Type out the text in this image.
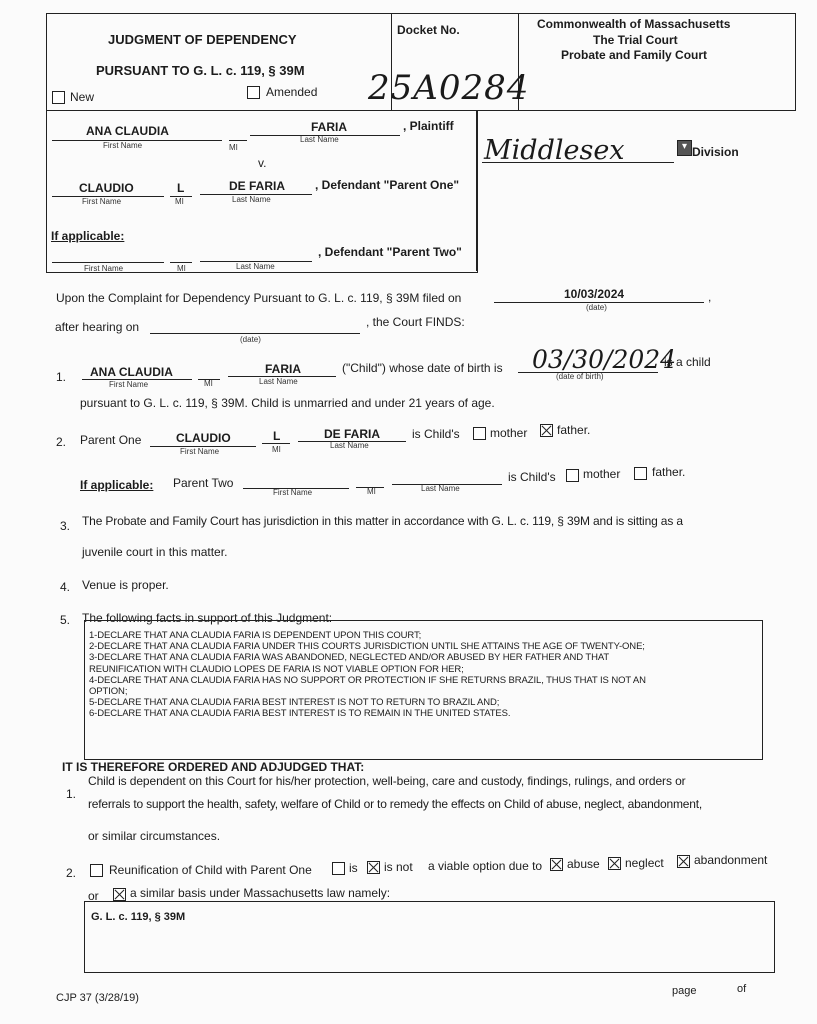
JUDGMENT OF DEPENDENCY
PURSUANT TO G. L. c. 119, § 39M
New	Amended
Docket No.
25A0284
Commonwealth of Massachusetts
The Trial Court
Probate and Family Court
ANA CLAUDIA
First Name	MI
FARIA
Last Name
, Plaintiff
v.
CLAUDIO
First Name
L
MI
DE FARIA
Last Name
, Defendant "Parent One"
If applicable:
First Name	MI	Last Name
, Defendant "Parent Two"
Middlesex	▾ Division
Upon the Complaint for Dependency Pursuant to G. L. c. 119, § 39M filed on	10/03/2024
(date)
,
after hearing on
(date)
, the Court FINDS:
1. ANA CLAUDIA
First Name	MI
FARIA
Last Name
("Child") whose date of birth is 03/30/2024
(date of birth)
is a child
pursuant to G. L. c. 119, § 39M. Child is unmarried and under 21 years of age.
2. Parent One	CLAUDIO
First Name
L
MI
DE FARIA
Last Name
is Child's	mother father.
If applicable: Parent Two
First Name	MI	Last Name
is Child's mother	father.
3. The Probate and Family Court has jurisdiction in this matter in accordance with G. L. c. 119, § 39M and is sitting as a
juvenile court in this matter.
4. Venue is proper.
5. The following facts in support of this Judgment:
1-DECLARE THAT ANA CLAUDIA FARIA IS DEPENDENT UPON THIS COURT;
2-DECLARE THAT ANA CLAUDIA FARIA UNDER THIS COURTS JURISDICTION UNTIL SHE ATTAINS THE AGE OF TWENTY-ONE;
3-DECLARE THAT ANA CLAUDIA FARIA WAS ABANDONED, NEGLECTED AND/OR ABUSED BY HER FATHER AND THAT
REUNIFICATION WITH CLAUDIO LOPES DE FARIA IS NOT VIABLE OPTION FOR HER;
4-DECLARE THAT ANA CLAUDIA FARIA HAS NO SUPPORT OR PROTECTION IF SHE RETURNS BRAZIL, THUS THAT IS NOT AN
OPTION;
5-DECLARE THAT ANA CLAUDIA FARIA BEST INTEREST IS NOT TO RETURN TO BRAZIL AND;
6-DECLARE THAT ANA CLAUDIA FARIA BEST INTEREST IS TO REMAIN IN THE UNITED STATES.
IT IS THEREFORE ORDERED AND ADJUDGED THAT:
1.
Child is dependent on this Court for his/her protection, well-being, care and custody, findings, rulings, and orders or
referrals to support the health, safety, welfare of Child or to remedy the effects on Child of abuse, neglect, abandonment,
or similar circumstances.
2.	Reunification of Child with Parent One	is is not a viable option due to abuse neglect	abandonment
or	a similar basis under Massachusetts law namely:
G. L. c. 119, § 39M
CJP 37 (3/28/19)
page	of
